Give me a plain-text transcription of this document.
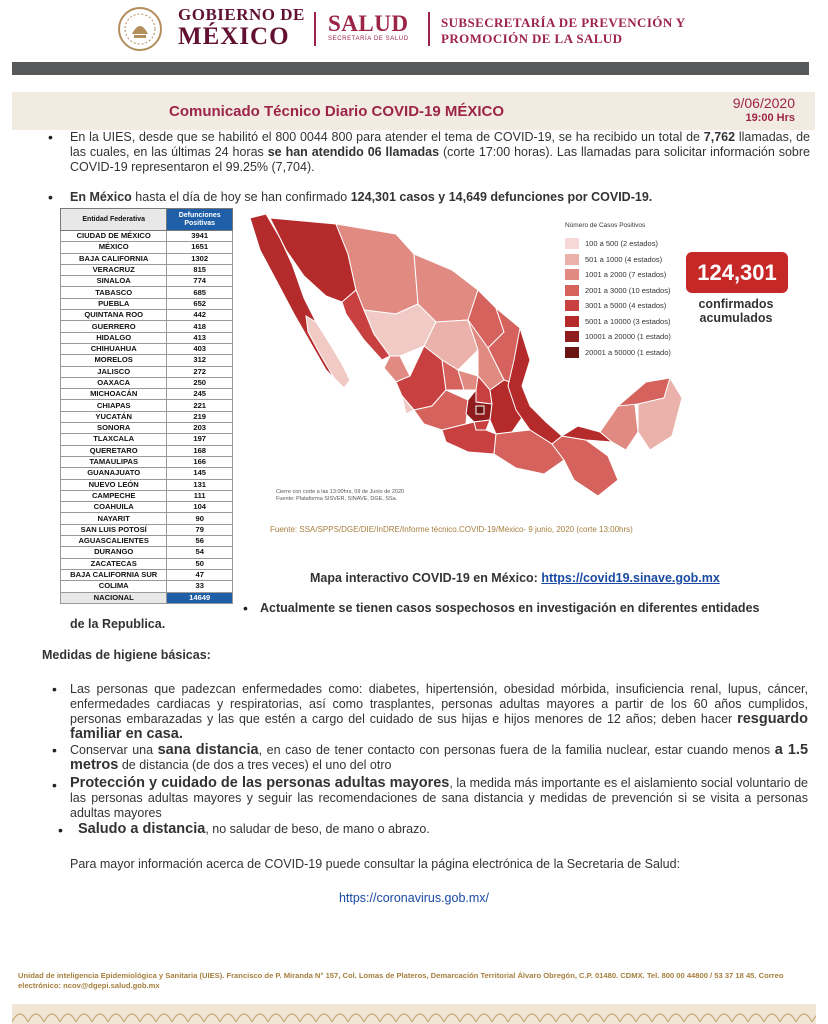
GOBIERNO DE
MÉXICO	SALUD
SECRETARÍA DE SALUD
SUBSECRETARÍA DE PREVENCIÓN Y
PROMOCIÓN DE LA SALUD
Comunicado Técnico Diario COVID-19 MÉXICO	9/06/2020
19:00 Hrs
• En la UIES, desde que se habilitó el 800 0044 800 para atender el tema de COVID-19, se ha recibido un total de 7,762 llamadas, de las cuales, en las últimas 24 horas se han atendido 06 llamadas (corte 17:00 horas). Las llamadas para solicitar información sobre COVID-19 representaron el 99.25% (7,704).
• En México hasta el día de hoy se han confirmado 124,301 casos y 14,649 defunciones por COVID-19.
Entidad Federativa	Defunciones Positivas
CIUDAD DE MÉXICO	3941
MÉXICO	1651
BAJA CALIFORNIA	1302
VERACRUZ	815
SINALOA	774
TABASCO	685
PUEBLA	652
QUINTANA ROO	442
GUERRERO	418
HIDALGO	413
CHIHUAHUA	403
MORELOS	312
JALISCO	272
OAXACA	250
MICHOACÁN	245
CHIAPAS	221
YUCATÁN	219
SONORA	203
TLAXCALA	197
QUERETARO	168
TAMAULIPAS	166
GUANAJUATO	145
NUEVO LEÓN	131
CAMPECHE	111
COAHUILA	104
NAYARIT	90
SAN LUIS POTOSÍ	79
AGUASCALIENTES	56
DURANGO	54
ZACATECAS	50
BAJA CALIFORNIA SUR	47
COLIMA	33
NACIONAL	14649
Número de Casos Positivos
100 a 500 (2 estados)
501 a 1000 (4 estados)
1001 a 2000 (7 estados)
2001 a 3000 (10 estados)
3001 a 5000 (4 estados)
5001 a 10000 (3 estados)
10001 a 20000 (1 estado)
20001 a 50000 (1 estado)
124,301
confirmados
acumulados
Cierre con corte a las 13:00hrs, 09 de Junio de 2020
Fuente: Plataforma SISVER, SINAVE, DGE, SSa.
Fuente: SSA/SPPS/DGE/DIE/InDRE/Informe técnico.COVID-19/México- 9 junio, 2020 (corte 13:00hrs)
Mapa interactivo COVID-19 en México: https://covid19.sinave.gob.mx
• Actualmente se tienen casos sospechosos en investigación en diferentes entidades
de la Republica.
Medidas de higiene básicas:
• Las personas que padezcan enfermedades como: diabetes, hipertensión, obesidad mórbida, insuficiencia renal, lupus, cáncer, enfermedades cardiacas y respiratorias, así como trasplantes, personas adultas mayores a partir de los 60 años cumplidos, personas embarazadas y las que estén a cargo del cuidado de sus hijas e hijos menores de 12 años; deben hacer resguardo familiar en casa.
• Conservar una sana distancia, en caso de tener contacto con personas fuera de la familia nuclear, estar cuando menos a 1.5 metros de distancia (de dos a tres veces) el uno del otro
• Protección y cuidado de las personas adultas mayores, la medida más importante es el aislamiento social voluntario de las personas adultas mayores y seguir las recomendaciones de sana distancia y medidas de prevención si se visita a personas adultas mayores
• Saludo a distancia, no saludar de beso, de mano o abrazo.
Para mayor información acerca de COVID-19 puede consultar la página electrónica de la Secretaria de Salud:
https://coronavirus.gob.mx/
Unidad de inteligencia Epidemiológica y Sanitaria (UIES). Francisco de P. Miranda N° 157, Col. Lomas de Plateros, Demarcación Territorial Álvaro Obregón, C.P. 01480. CDMX. Tel. 800 00 44800 / 53 37 18 45. Correo electrónico: ncov@dgepi.salud.gob.mx
